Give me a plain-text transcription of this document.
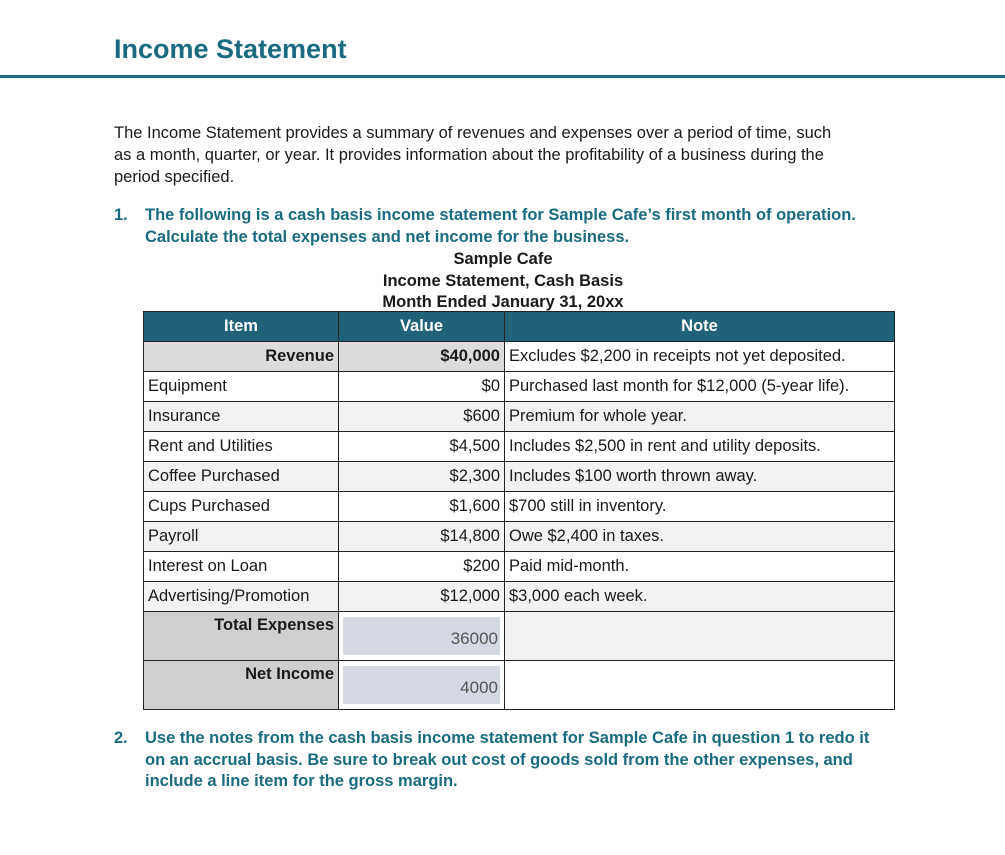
Income Statement

The Income Statement provides a summary of revenues and expenses over a period of time, such as a month, quarter, or year. It provides information about the profitability of a business during the period specified.

1.	The following is a cash basis income statement for Sample Cafe’s first month of operation. Calculate the total expenses and net income for the business.
Sample Cafe
Income Statement, Cash Basis
Month Ended January 31, 20xx
Item	Value	Note
Revenue	$40,000	Excludes $2,200 in receipts not yet deposited.
Equipment	$0	Purchased last month for $12,000 (5-year life).
Insurance	$600	Premium for whole year.
Rent and Utilities	$4,500	Includes $2,500 in rent and utility deposits.
Coffee Purchased	$2,300	Includes $100 worth thrown away.
Cups Purchased	$1,600	$700 still in inventory.
Payroll	$14,800	Owe $2,400 in taxes.
Interest on Loan	$200	Paid mid-month.
Advertising/Promotion	$12,000	$3,000 each week.
Total Expenses	36000	

Net Income	4000	

2.	Use the notes from the cash basis income statement for Sample Cafe in question 1 to redo it on an accrual basis. Be sure to break out cost of goods sold from the other expenses, and include a line item for the gross margin.
